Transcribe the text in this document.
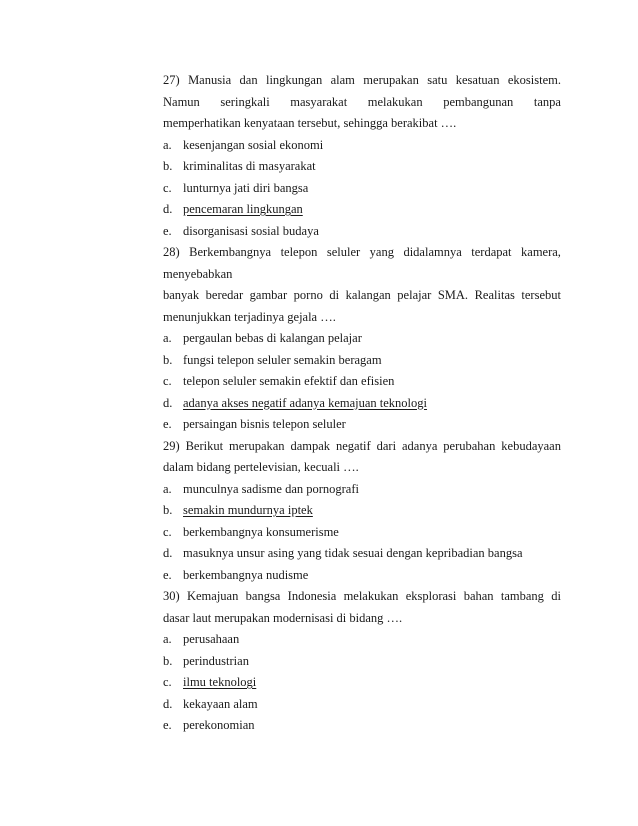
27) Manusia dan lingkungan alam merupakan satu kesatuan ekosistem.
Namun seringkali masyarakat melakukan pembangunan tanpa
memperhatikan kenyataan tersebut, sehingga berakibat ….
a. kesenjangan sosial ekonomi
b. kriminalitas di masyarakat
c. lunturnya jati diri bangsa
d. pencemaran lingkungan
e. disorganisasi sosial budaya
28) Berkembangnya telepon seluler yang didalamnya terdapat kamera,
menyebabkan
banyak beredar gambar porno di kalangan pelajar SMA. Realitas tersebut
menunjukkan terjadinya gejala ….
a. pergaulan bebas di kalangan pelajar
b. fungsi telepon seluler semakin beragam
c. telepon seluler semakin efektif dan efisien
d. adanya akses negatif adanya kemajuan teknologi
e. persaingan bisnis telepon seluler
29) Berikut merupakan dampak negatif dari adanya perubahan kebudayaan
dalam bidang pertelevisian, kecuali ….
a. munculnya sadisme dan pornografi
b. semakin mundurnya iptek
c. berkembangnya konsumerisme
d. masuknya unsur asing yang tidak sesuai dengan kepribadian bangsa
e. berkembangnya nudisme
30) Kemajuan bangsa Indonesia melakukan eksplorasi bahan tambang di
dasar laut merupakan modernisasi di bidang ….
a. perusahaan
b. perindustrian
c. ilmu teknologi
d. kekayaan alam
e. perekonomian
